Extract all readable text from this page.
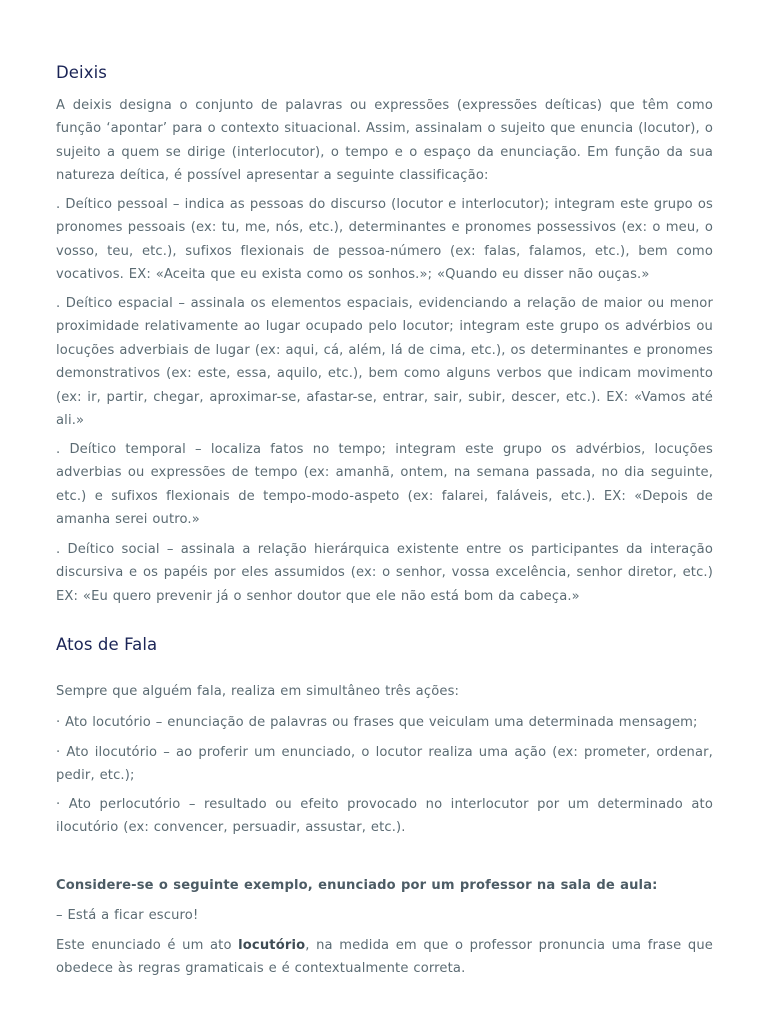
Deixis

A deixis designa o conjunto de palavras ou expressões (expressões deíticas) que têm como função ‘apontar’ para o contexto situacional. Assim, assinalam o sujeito que enuncia (locutor), o sujeito a quem se dirige (interlocutor), o tempo e o espaço da enunciação. Em função da sua natureza deítica, é possível apresentar a seguinte classificação:

. Deítico pessoal – indica as pessoas do discurso (locutor e interlocutor); integram este grupo os pronomes pessoais (ex: tu, me, nós, etc.), determinantes e pronomes possessivos (ex: o meu, o vosso, teu, etc.), sufixos flexionais de pessoa-número (ex: falas, falamos, etc.), bem como vocativos. EX: «Aceita que eu exista como os sonhos.»; «Quando eu disser não ouças.»

. Deítico espacial – assinala os elementos espaciais, evidenciando a relação de maior ou menor proximidade relativamente ao lugar ocupado pelo locutor; integram este grupo os advérbios ou locuções adverbiais de lugar (ex: aqui, cá, além, lá de cima, etc.), os determinantes e pronomes demonstrativos (ex: este, essa, aquilo, etc.), bem como alguns verbos que indicam movimento (ex: ir, partir, chegar, aproximar-se, afastar-se, entrar, sair, subir, descer, etc.). EX: «Vamos até ali.»

. Deítico temporal – localiza fatos no tempo; integram este grupo os advérbios, locuções adverbias ou expressões de tempo (ex: amanhã, ontem, na semana passada, no dia seguinte, etc.) e sufixos flexionais de tempo-modo-aspeto (ex: falarei, faláveis, etc.). EX: «Depois de amanha serei outro.»

. Deítico social – assinala a relação hierárquica existente entre os participantes da interação discursiva e os papéis por eles assumidos (ex: o senhor, vossa excelência, senhor diretor, etc.) EX: «Eu quero prevenir já o senhor doutor que ele não está bom da cabeça.»

Atos de Fala

Sempre que alguém fala, realiza em simultâneo três ações:

· Ato locutório – enunciação de palavras ou frases que veiculam uma determinada mensagem;

· Ato ilocutório – ao proferir um enunciado, o locutor realiza uma ação (ex: prometer, ordenar, pedir, etc.);

· Ato perlocutório – resultado ou efeito provocado no interlocutor por um determinado ato ilocutório (ex: convencer, persuadir, assustar, etc.).

Considere-se o seguinte exemplo, enunciado por um professor na sala de aula:

– Está a ficar escuro!

Este enunciado é um ato locutório, na medida em que o professor pronuncia uma frase que obedece às regras gramaticais e é contextualmente correta.
